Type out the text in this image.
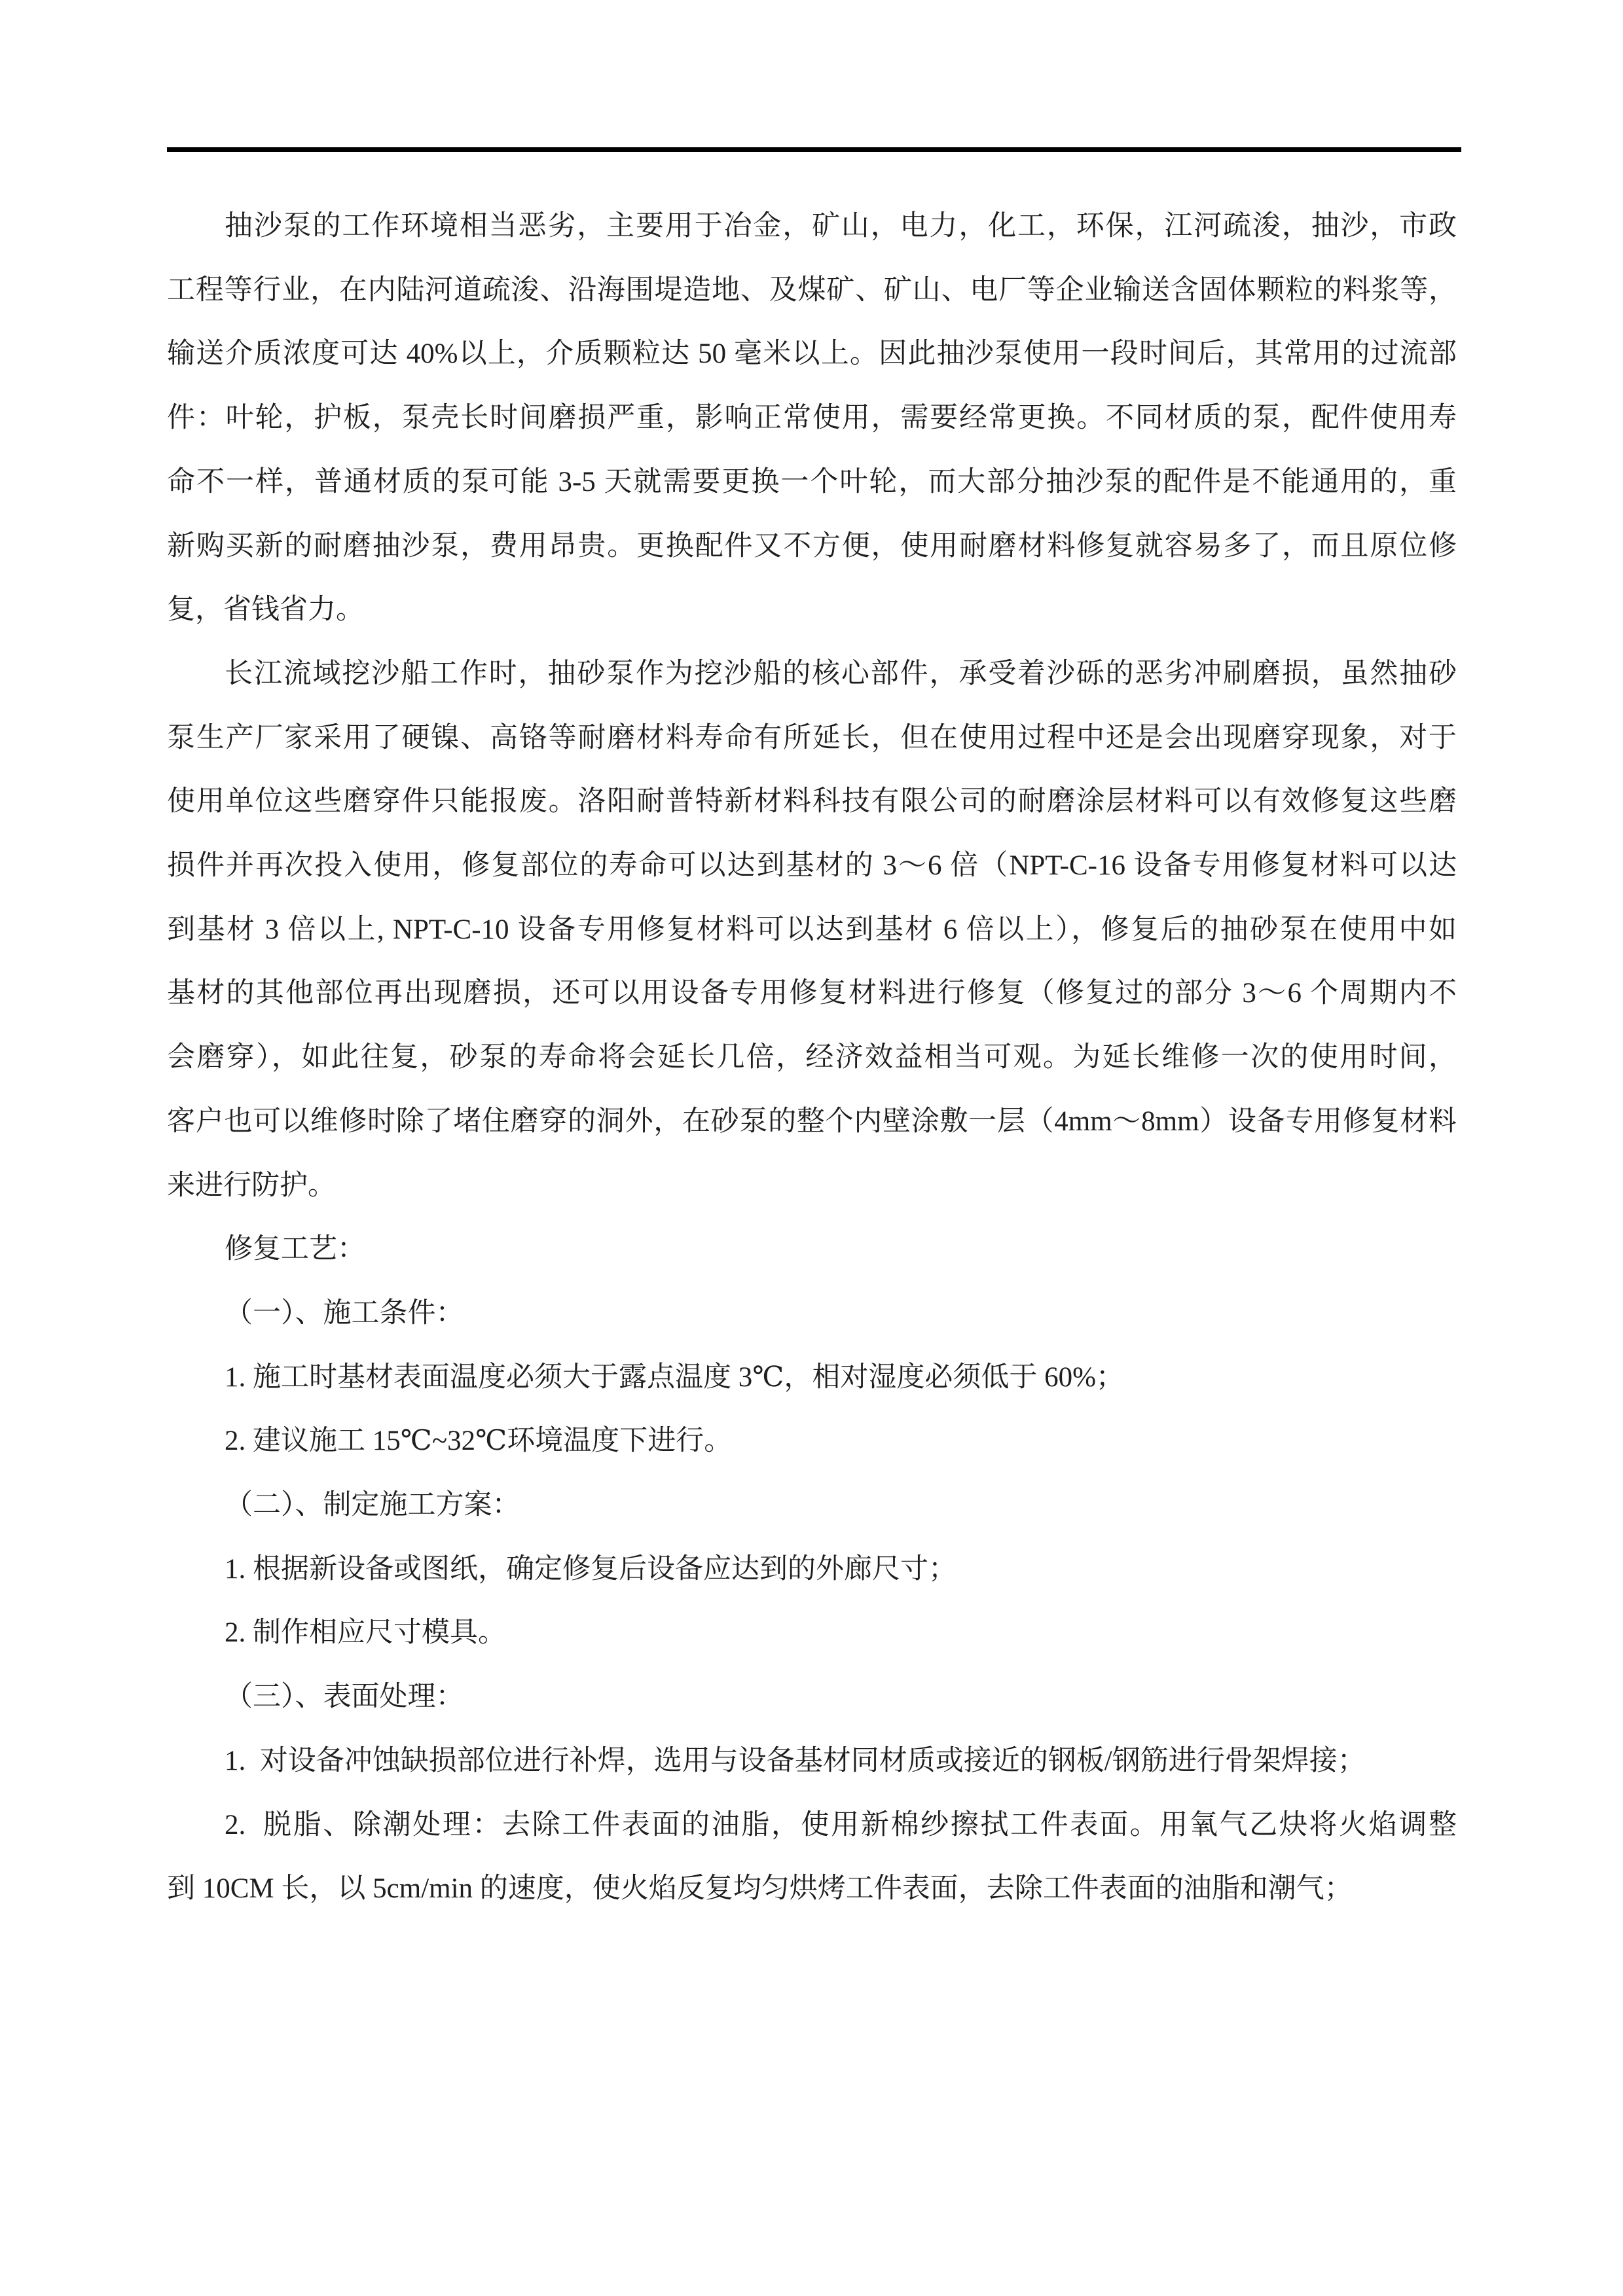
抽沙泵的工作环境相当恶劣，主要用于冶金，矿山，电力，化工，环保，江河疏浚，抽沙，市政
工程等行业，在内陆河道疏浚、沿海围堤造地、及煤矿、矿山、电厂等企业输送含固体颗粒的料浆等，
输送介质浓度可达 40%以上，介质颗粒达 50 毫米以上。因此抽沙泵使用一段时间后，其常用的过流部
件：叶轮，护板，泵壳长时间磨损严重，影响正常使用，需要经常更换。不同材质的泵，配件使用寿
命不一样，普通材质的泵可能 3-5 天就需要更换一个叶轮，而大部分抽沙泵的配件是不能通用的，重
新购买新的耐磨抽沙泵，费用昂贵。更换配件又不方便，使用耐磨材料修复就容易多了，而且原位修
复，省钱省力。
长江流域挖沙船工作时，抽砂泵作为挖沙船的核心部件，承受着沙砾的恶劣冲刷磨损，虽然抽砂
泵生产厂家采用了硬镍、高铬等耐磨材料寿命有所延长，但在使用过程中还是会出现磨穿现象，对于
使用单位这些磨穿件只能报废。洛阳耐普特新材料科技有限公司的耐磨涂层材料可以有效修复这些磨
损件并再次投入使用，修复部位的寿命可以达到基材的 3～6 倍（NPT-C-16 设备专用修复材料可以达
到基材 3 倍以上, NPT-C-10 设备专用修复材料可以达到基材 6 倍以上），修复后的抽砂泵在使用中如
基材的其他部位再出现磨损，还可以用设备专用修复材料进行修复（修复过的部分 3～6 个周期内不
会磨穿），如此往复，砂泵的寿命将会延长几倍，经济效益相当可观。为延长维修一次的使用时间，
客户也可以维修时除了堵住磨穿的洞外，在砂泵的整个内壁涂敷一层（4mm～8mm）设备专用修复材料
来进行防护。
修复工艺：
（一）、施工条件：
1. 施工时基材表面温度必须大于露点温度 3℃，相对湿度必须低于 60%；
2. 建议施工 15℃~32℃环境温度下进行。
（二）、制定施工方案：
1. 根据新设备或图纸，确定修复后设备应达到的外廊尺寸；
2. 制作相应尺寸模具。
（三）、表面处理：
1.  对设备冲蚀缺损部位进行补焊，选用与设备基材同材质或接近的钢板/钢筋进行骨架焊接；
2.  脱脂、除潮处理：去除工件表面的油脂，使用新棉纱擦拭工件表面。用氧气乙炔将火焰调整
到 10CM 长，以 5cm/min 的速度，使火焰反复均匀烘烤工件表面，去除工件表面的油脂和潮气；
